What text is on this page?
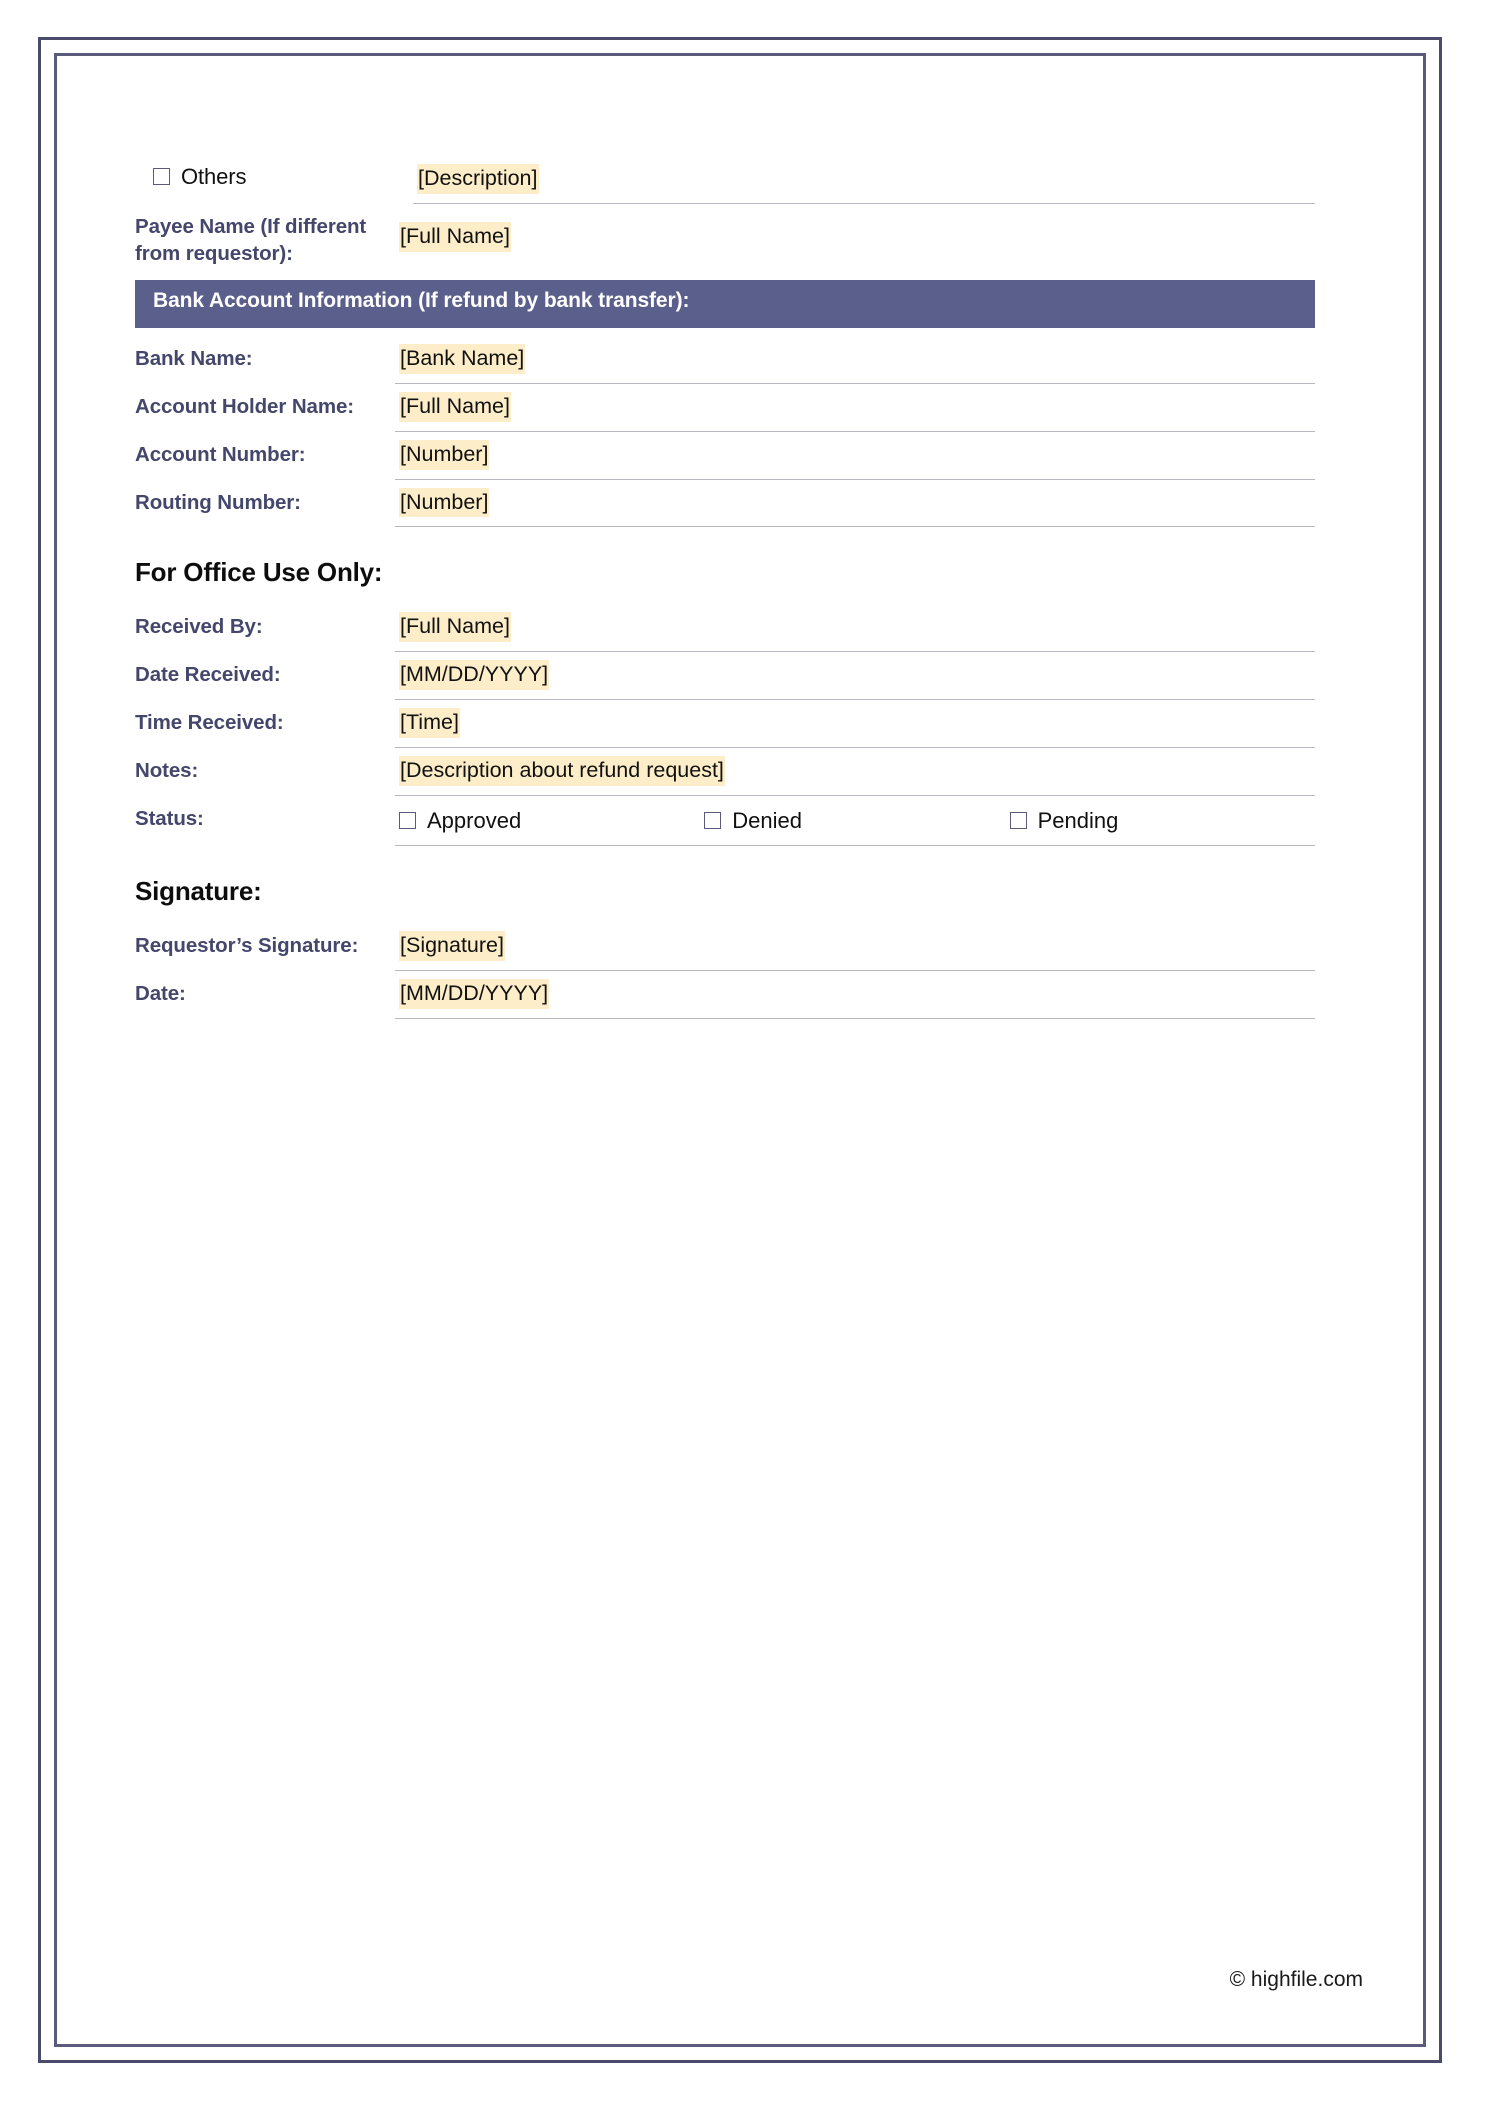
Others	[Description]
Payee Name (If different from requestor):
[Full Name]
Bank Account Information (If refund by bank transfer):
Bank Name:	[Bank Name]
Account Holder Name:	[Full Name]
Account Number:	[Number]
Routing Number:	[Number]
For Office Use Only:
Received By:	[Full Name]
Date Received:	[MM/DD/YYYY]
Time Received:	[Time]
Notes:	[Description about refund request]
Status:	Approved	Denied	Pending
Signature:
Requestor’s Signature:	[Signature]
Date:	[MM/DD/YYYY]
© highfile.com
